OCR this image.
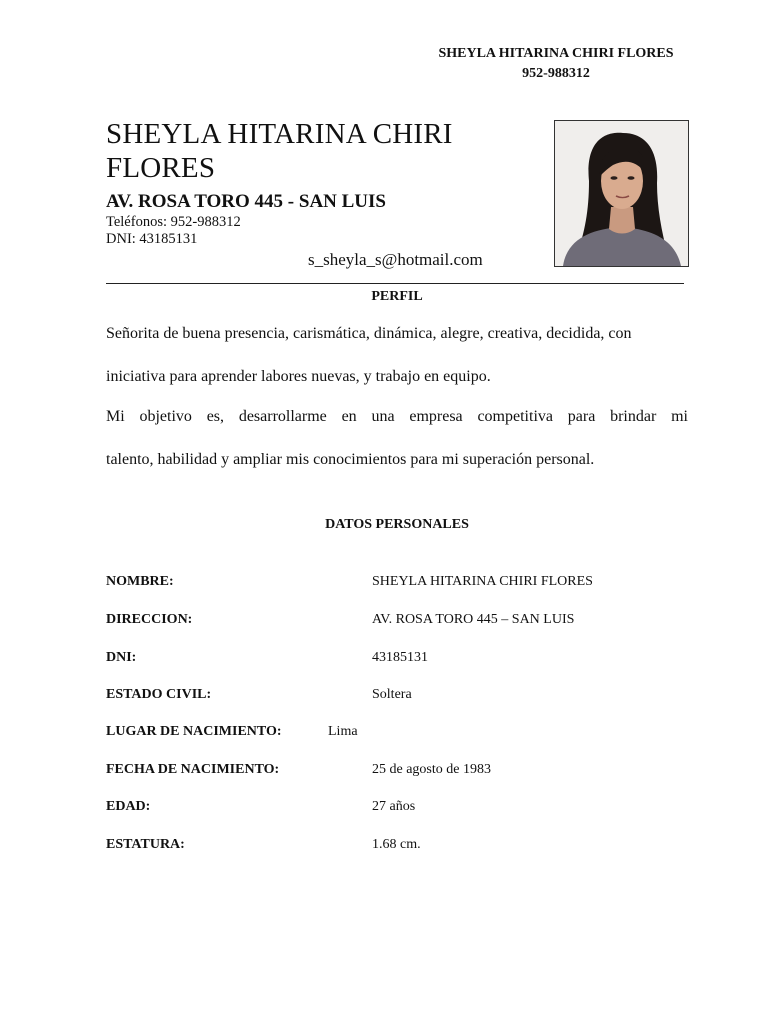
SHEYLA HITARINA CHIRI FLORES
952-988312
SHEYLA HITARINA CHIRI
FLORES
AV. ROSA TORO 445 - SAN LUIS
Teléfonos: 952-988312
DNI: 43185131
s_sheyla_s@hotmail.com
PERFIL
Señorita de buena presencia, carismática, dinámica, alegre, creativa, decidida, con
iniciativa para aprender labores nuevas, y trabajo en equipo.
Mi objetivo es, desarrollarme en una empresa competitiva para brindar mi
talento, habilidad y ampliar mis conocimientos para mi superación personal.
DATOS PERSONALES
NOMBRE:	SHEYLA HITARINA CHIRI FLORES
DIRECCION:	AV. ROSA TORO 445 – SAN LUIS
DNI:	43185131
ESTADO CIVIL:	Soltera
LUGAR DE NACIMIENTO:	Lima
FECHA DE NACIMIENTO:	25 de agosto de 1983
EDAD:	27 años
ESTATURA:	1.68 cm.
